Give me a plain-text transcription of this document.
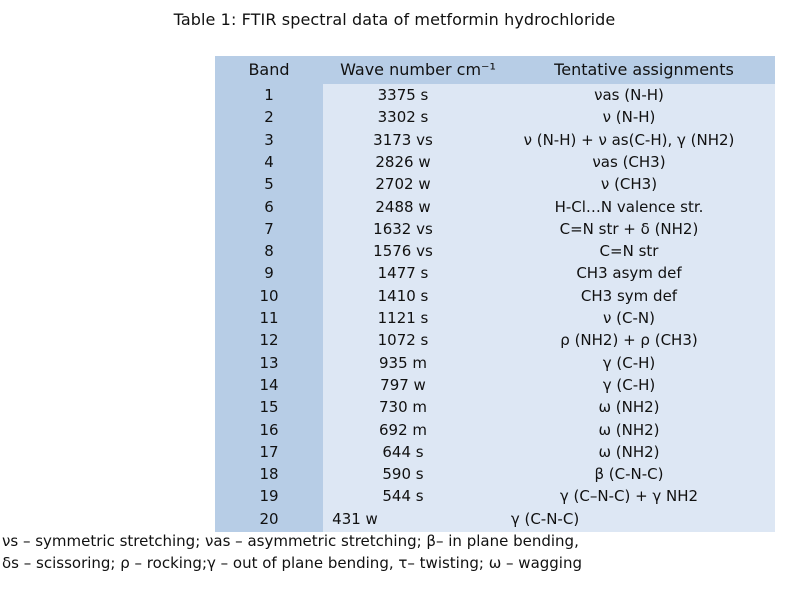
Table 1: FTIR spectral data of metformin hydrochloride
Band	Wave number cm⁻¹	Tentative assignments
1	3375 s	νas (N-H)
2	3302 s	ν (N-H)
3	3173 vs	ν (N-H) + ν as(C-H), γ (NH2)
4	2826 w	νas (CH3)
5	2702 w	ν (CH3)
6	2488 w	H-Cl…N valence str.
7	1632 vs	C=N str + δ (NH2)
8	1576 vs	C=N str
9	1477 s	CH3 asym def
10	1410 s	CH3 sym def
11	1121 s	ν (C-N)
12	1072 s	ρ (NH2) + ρ (CH3)
13	935 m	γ (C-H)
14	797 w	γ (C-H)
15	730 m	ω (NH2)
16	692 m	ω (NH2)
17	644 s	ω (NH2)
18	590 s	β (C-N-C)
19	544 s	γ (C–N-C) + γ NH2
20	431 w	γ (C-N-C)
νs – symmetric stretching; νas – asymmetric stretching; β– in plane bending,
δs – scissoring; ρ – rocking;γ – out of plane bending, τ– twisting; ω – wagging
